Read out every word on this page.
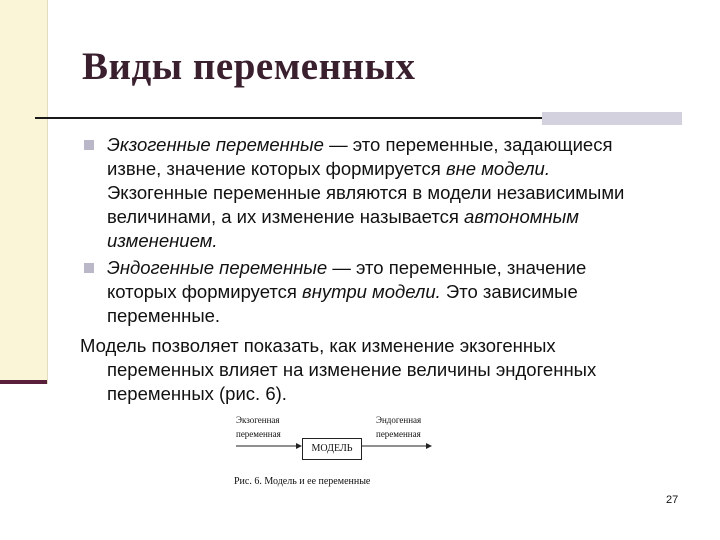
Виды переменных
Экзогенные переменные — это переменные, задающиеся
извне, значение которых формируется вне модели.
Экзогенные переменные являются в модели независимыми
величинами, а их изменение называется автономным
изменением.
Эндогенные переменные — это переменные, значение
которых формируется внутри модели. Это зависимые
переменные.
Модель позволяет показать, как изменение экзогенных
переменных влияет на изменение величины эндогенных
переменных (рис. 6).
Экзогенная
переменная
Эндогенная
переменная
МОДЕЛЬ
Рис. 6. Модель и ее переменные
27
